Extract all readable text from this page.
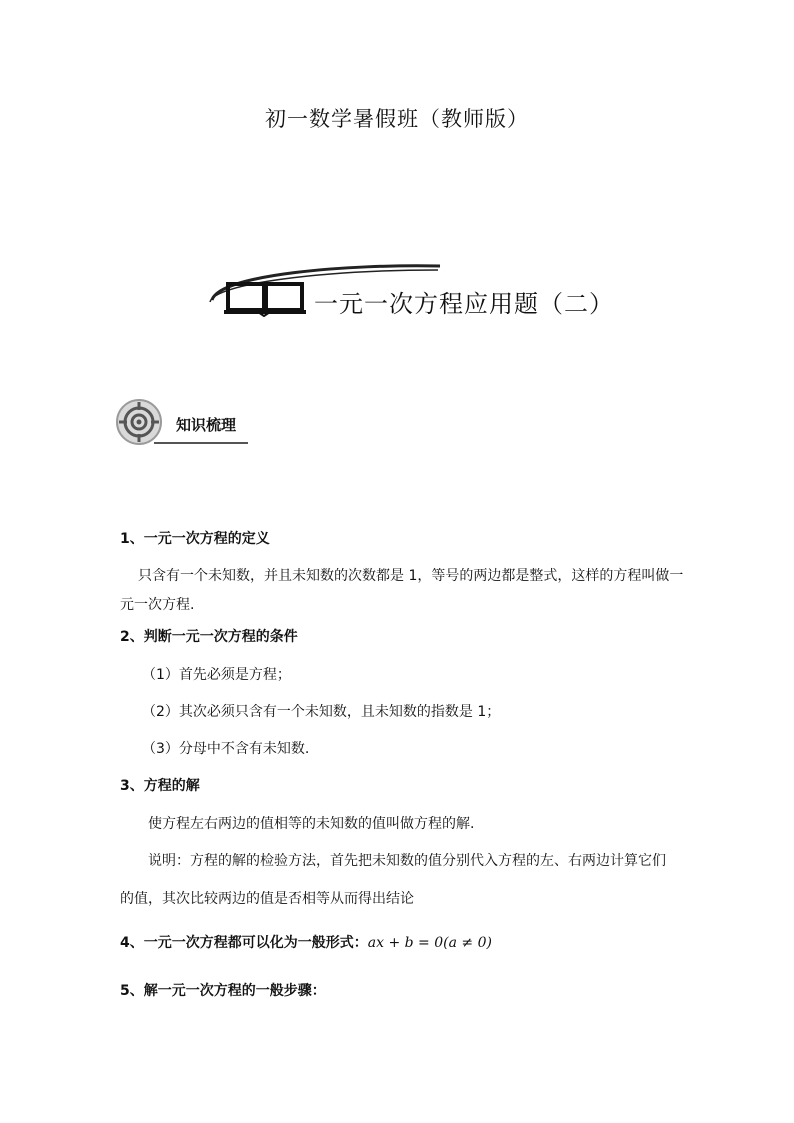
初一数学暑假班（教师版）
一元一次方程应用题（二）
知识梳理
1、一元一次方程的定义
只含有一个未知数，并且未知数的次数都是 1，等号的两边都是整式，这样的方程叫做一
元一次方程.
2、判断一元一次方程的条件
（1）首先必须是方程；
（2）其次必须只含有一个未知数，且未知数的指数是 1；
（3）分母中不含有未知数.
3、方程的解
使方程左右两边的值相等的未知数的值叫做方程的解.
说明：方程的解的检验方法，首先把未知数的值分别代入方程的左、右两边计算它们
的值，其次比较两边的值是否相等从而得出结论
4、一元一次方程都可以化为一般形式：ax + b = 0(a ≠ 0)
5、解一元一次方程的一般步骤：
